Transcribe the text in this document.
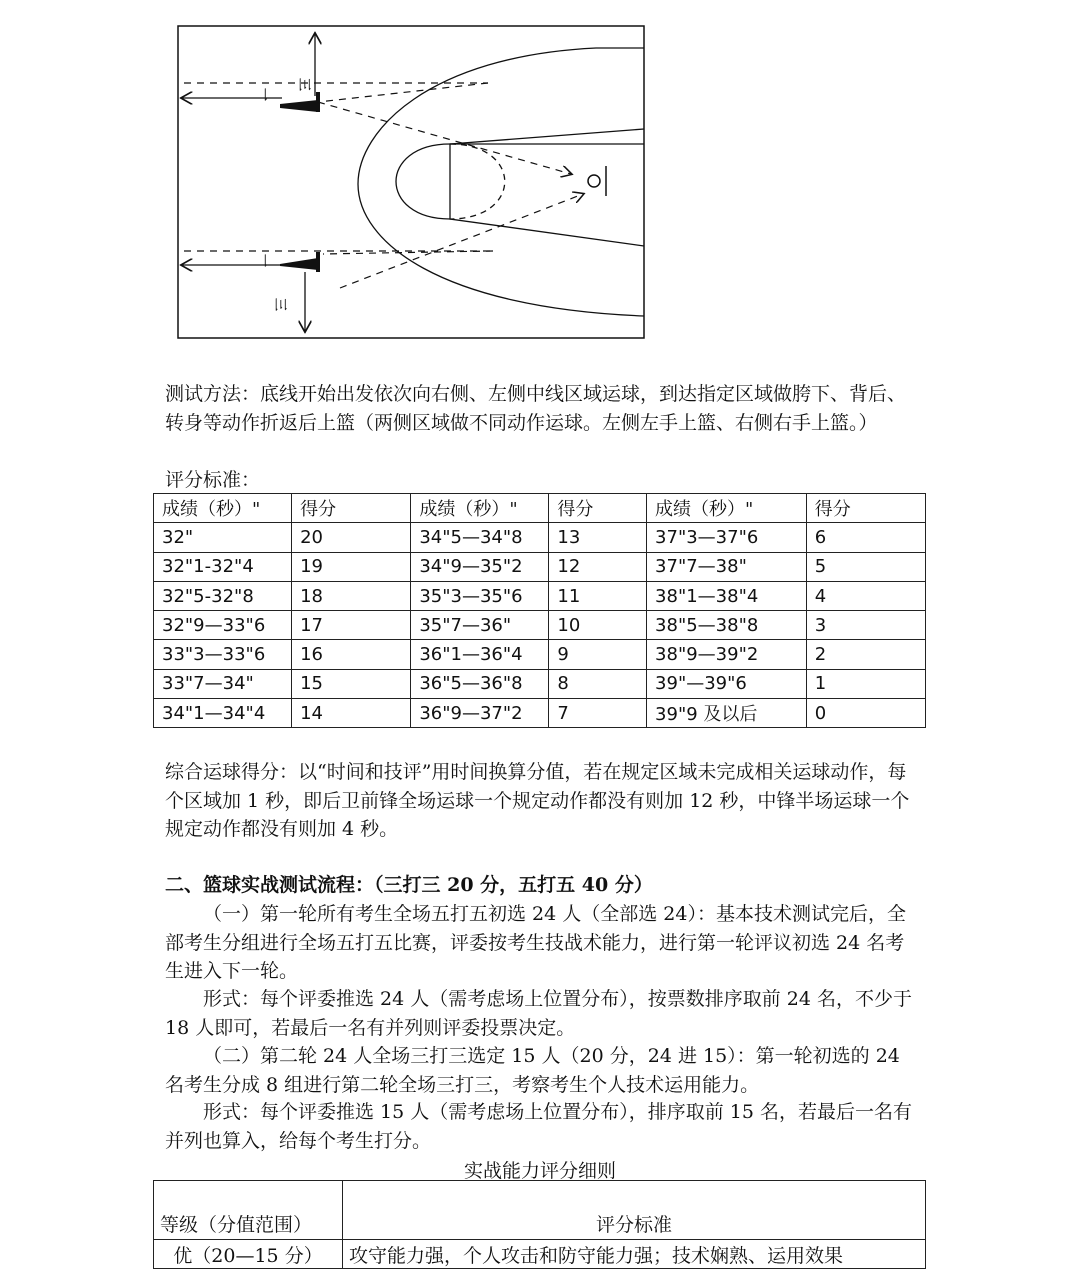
三
三
一
一

测试方法：底线开始出发依次向右侧、左侧中线区域运球，到达指定区域做胯下、背后、转身等动作折返后上篮（两侧区域做不同动作运球。左侧左手上篮、右侧右手上篮。）

评分标准：

成绩（秒）"	得分	成绩（秒）"	得分	成绩（秒）"	得分
32"	20	34"5—34"8	13	37"3—37"6	6
32"1-32"4	19	34"9—35"2	12	37"7—38"	5
32"5-32"8	18	35"3—35"6	11	38"1—38"4	4
32"9—33"6	17	35"7—36"	10	38"5—38"8	3
33"3—33"6	16	36"1—36"4	9	38"9—39"2	2
33"7—34"	15	36"5—36"8	8	39"—39"6	1
34"1—34"4	14	36"9—37"2	7	39"9 及以后	0

综合运球得分：以“时间和技评”用时间换算分值，若在规定区域未完成相关运球动作，每个区域加 1 秒，即后卫前锋全场运球一个规定动作都没有则加 12 秒，中锋半场运球一个规定动作都没有则加 4 秒。

二、篮球实战测试流程：（三打三 20 分，五打五 40 分）

（一）第一轮所有考生全场五打五初选 24 人（全部选 24）：基本技术测试完后，全部考生分组进行全场五打五比赛，评委按考生技战术能力，进行第一轮评议初选 24 名考生进入下一轮。

形式：每个评委推选 24 人（需考虑场上位置分布），按票数排序取前 24 名，不少于 18 人即可，若最后一名有并列则评委投票决定。

（二）第二轮 24 人全场三打三选定 15 人（20 分，24 进 15）：第一轮初选的 24 名考生分成 8 组进行第二轮全场三打三，考察考生个人技术运用能力。

形式：每个评委推选 15 人（需考虑场上位置分布），排序取前 15 名，若最后一名有并列也算入，给每个考生打分。

实战能力评分细则
等级（分值范围）	评分标准
优（20—15 分）	攻守能力强，个人攻击和防守能力强；技术娴熟、运用效果
